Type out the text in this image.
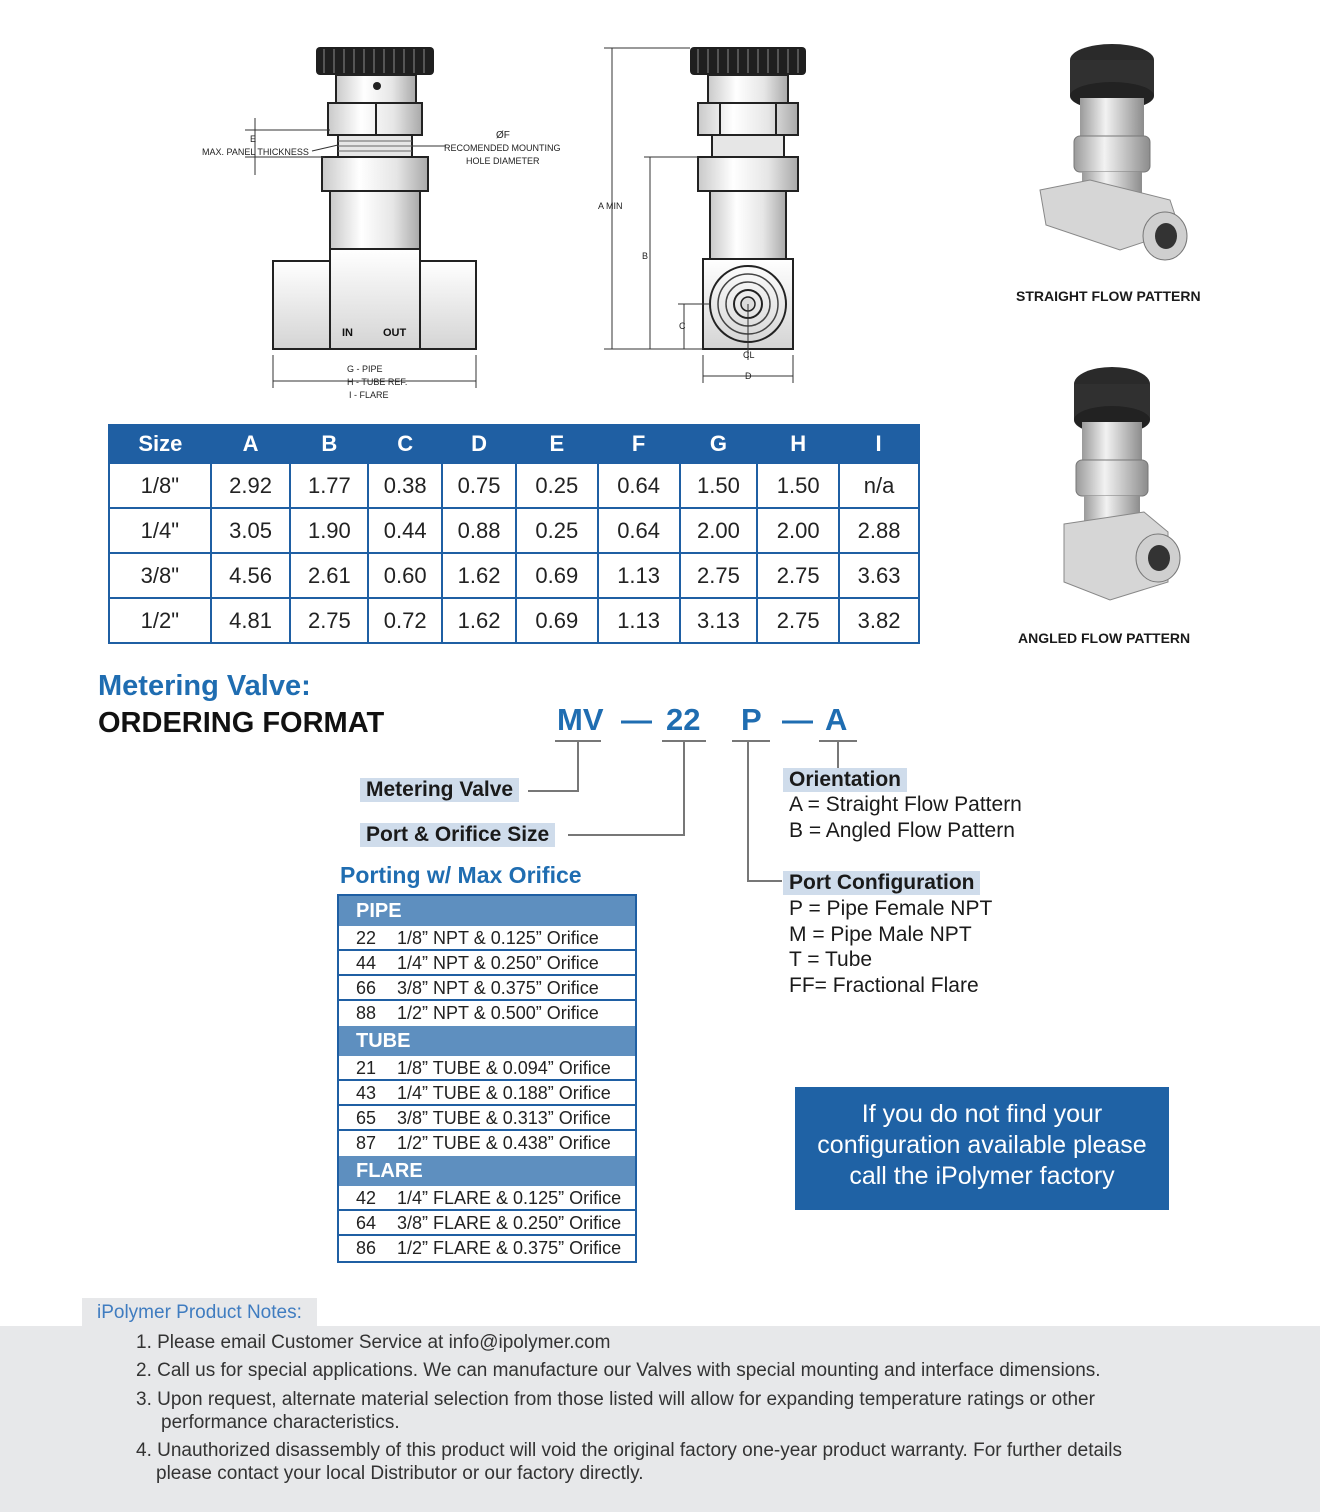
IN	OUT
E
MAX. PANEL THICKNESS
ØF
RECOMENDED MOUNTING
HOLE DIAMETER
G - PIPE
H - TUBE REF.
I - FLARE
A MIN
B
C
CL
D
STRAIGHT FLOW PATTERN
ANGLED FLOW PATTERN
Size	A	B	C	D	E	F	G	H	I
1/8"	2.92	1.77	0.38	0.75	0.25	0.64	1.50	1.50	n/a
1/4"	3.05	1.90	0.44	0.88	0.25	0.64	2.00	2.00	2.88
3/8"	4.56	2.61	0.60	1.62	0.69	1.13	2.75	2.75	3.63
1/2"	4.81	2.75	0.72	1.62	0.69	1.13	3.13	2.75	3.82
Metering Valve:
ORDERING FORMAT	MV — 22 P — A
Metering Valve
Port & Orifice Size
Orientation
A = Straight Flow Pattern
B = Angled Flow Pattern
Port Configuration
P = Pipe Female NPT
M = Pipe Male NPT
T = Tube
FF= Fractional Flare
Porting w/ Max Orifice
PIPE
22 1/8” NPT & 0.125” Orifice
44 1/4” NPT & 0.250” Orifice
66 3/8” NPT & 0.375” Orifice
88 1/2” NPT & 0.500” Orifice
TUBE
21 1/8” TUBE & 0.094” Orifice
43 1/4” TUBE & 0.188” Orifice
65 3/8” TUBE & 0.313” Orifice
87 1/2” TUBE & 0.438” Orifice
FLARE
42 1/4” FLARE & 0.125” Orifice
64 3/8” FLARE & 0.250” Orifice
86 1/2” FLARE & 0.375” Orifice
If you do not find your
configuration available please
call the iPolymer factory
iPolymer Product Notes:
1. Please email Customer Service at info@ipolymer.com
2. Call us for special applications. We can manufacture our Valves with special mounting and interface dimensions.
3. Upon request, alternate material selection from those listed will allow for expanding temperature ratings or other
performance characteristics.
4. Unauthorized disassembly of this product will void the original factory one-year product warranty. For further details
please contact your local Distributor or our factory directly.
